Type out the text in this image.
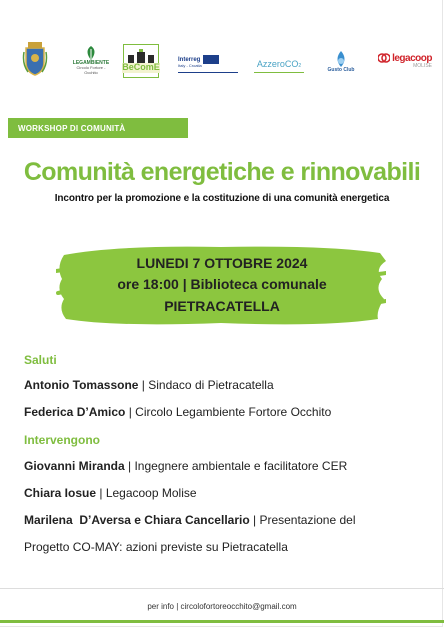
LEGAMBIENTE
Circolo Fortore - Occhito
BeComE
Interreg
Italy - Croatia	AzzeroCO2
Gusto Club
legacoop
MOLISE
WORKSHOP DI COMUNITÀ
Comunità energetiche e rinnovabili
Incontro per la promozione e la costituzione di una comunità energetica
LUNEDI 7 OTTOBRE 2024
ore 18:00 | Biblioteca comunale
PIETRACATELLA
Saluti
Antonio Tomassone | Sindaco di Pietracatella
Federica D’Amico | Circolo Legambiente Fortore Occhito
Intervengono
Giovanni Miranda | Ingegnere ambientale e facilitatore CER
Chiara Iosue | Legacoop Molise
Marilena  D’Aversa e Chiara Cancellario | Presentazione del
Progetto CO-MAY: azioni previste su Pietracatella
per info | circolofortoreocchito@gmail.com
